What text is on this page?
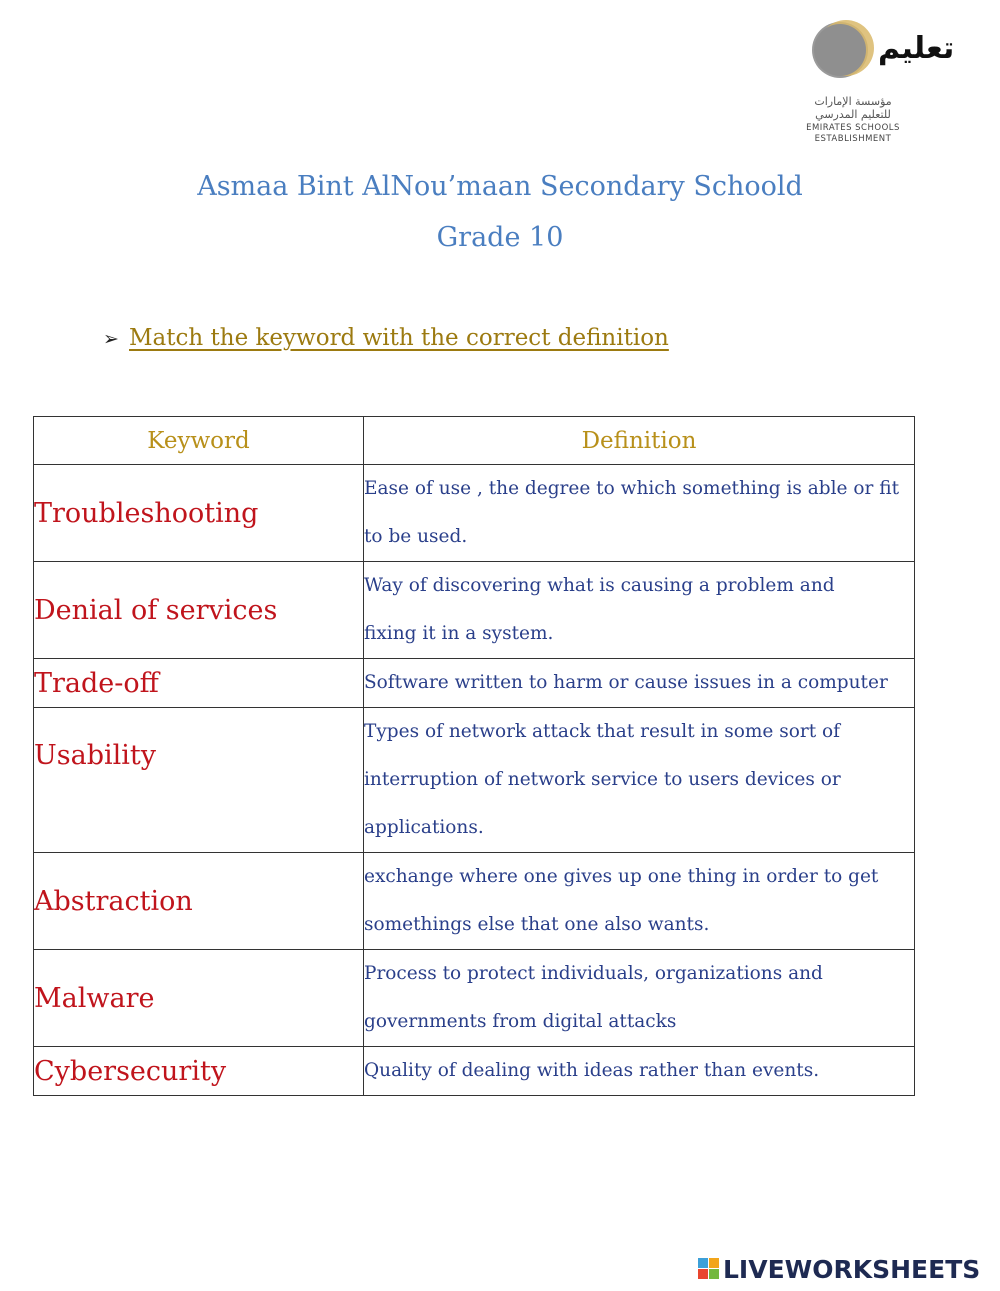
تعليم
مؤسسة الإمارات
للتعليم المدرسي
EMIRATES SCHOOLS
ESTABLISHMENT
Asmaa Bint AlNou’maan Secondary Schoold
Grade 10
➢ Match the keyword with the correct definition
Keyword	Definition
Troubleshooting	Ease of use , the degree to which something is able or fit
to be used.

Denial of services	Way of discovering what is causing a problem and
fixing it in a system.

Trade-off	Software written to harm or cause issues in a computer

Usability	Types of network attack that result in some sort of
interruption of network service to users devices or
applications.

Abstraction	exchange where one gives up one thing in order to get
somethings else that one also wants.

Malware	Process to protect individuals, organizations and
governments from digital attacks

Cybersecurity	Quality of dealing with ideas rather than events.
LIVEWORKSHEETS
